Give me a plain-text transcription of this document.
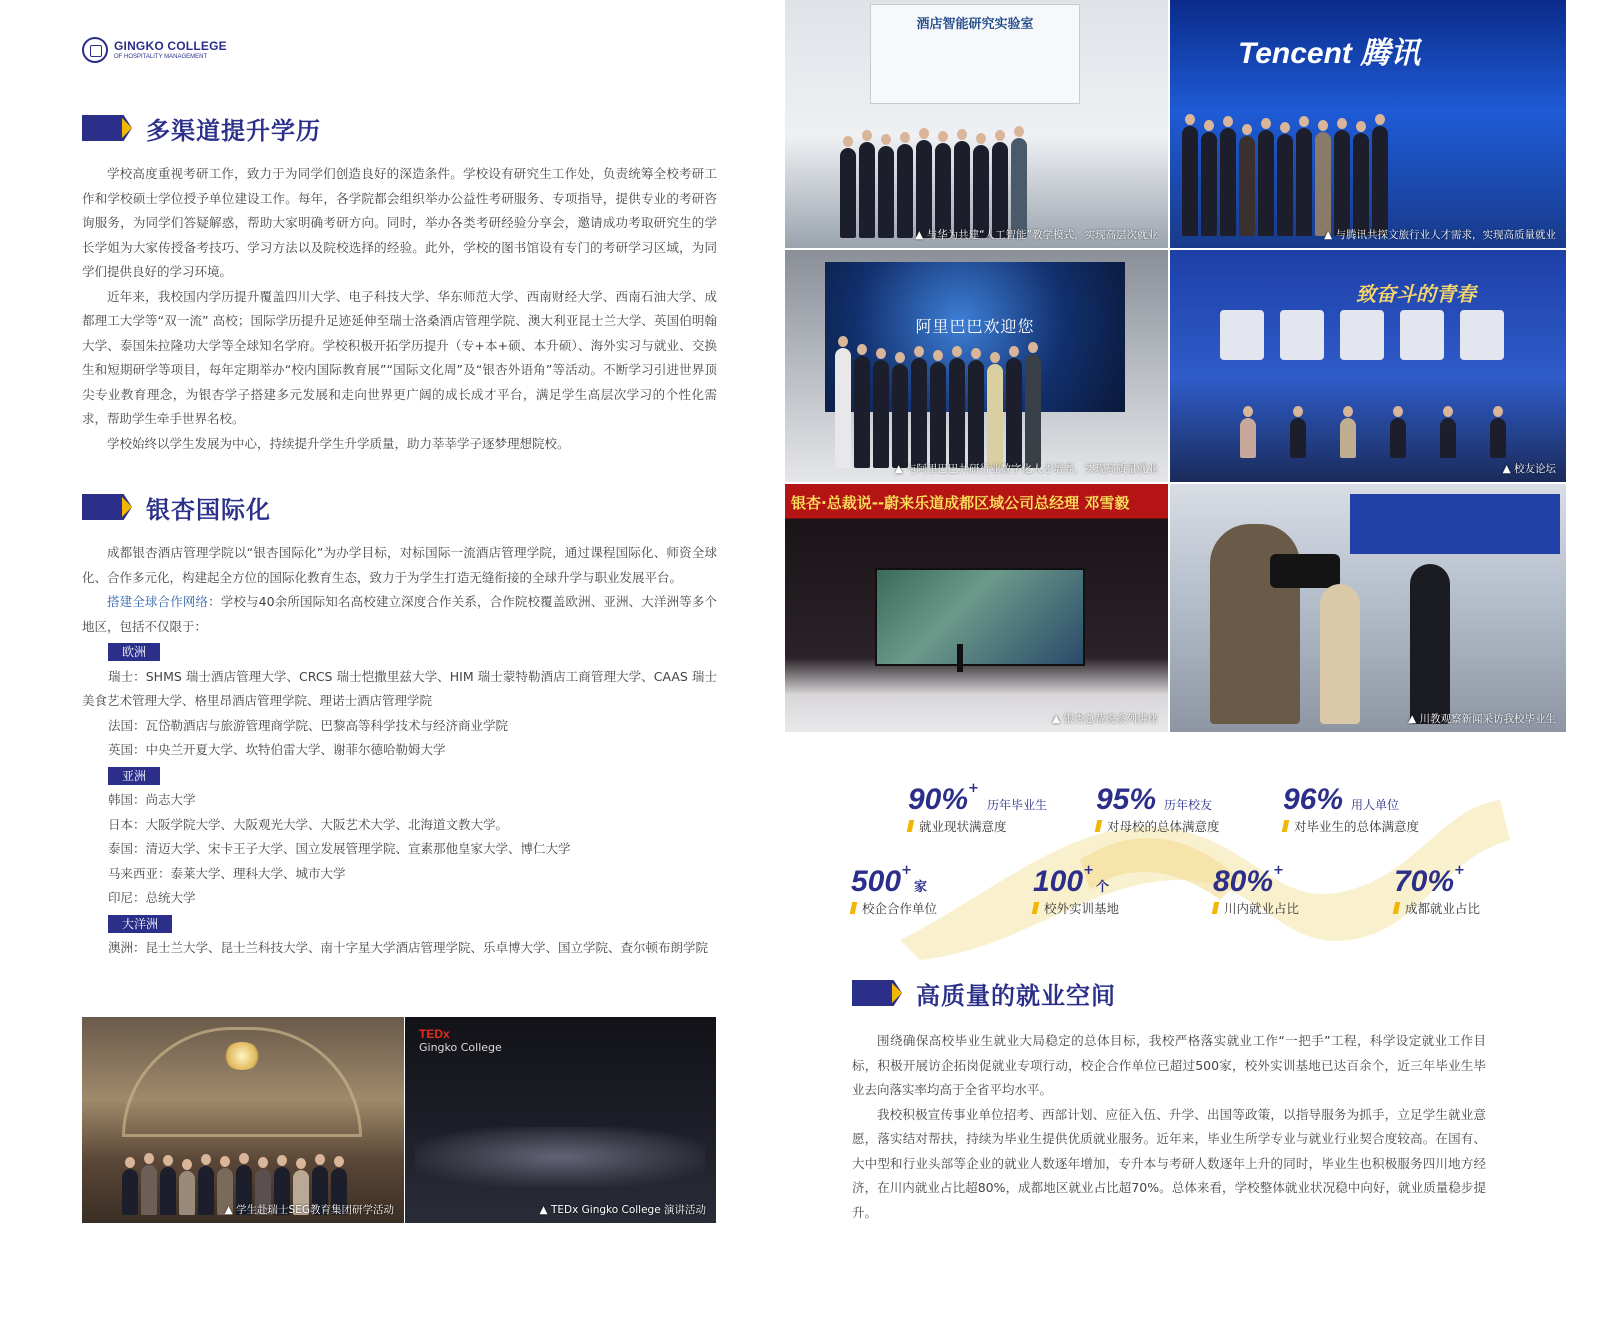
GINGKO COLLEGE
OF HOSPITALITY MANAGEMENT
多渠道提升学历

学校高度重视考研工作，致力于为同学们创造良好的深造条件。学校设有研究生工作处，负责统筹全校考研工作和学校硕士学位授予单位建设工作。每年，各学院都会组织举办公益性考研服务、专项指导，提供专业的考研咨询服务，为同学们答疑解惑，帮助大家明确考研方向。同时，举办各类考研经验分享会，邀请成功考取研究生的学长学姐为大家传授备考技巧、学习方法以及院校选择的经验。此外，学校的图书馆设有专门的考研学习区域，为同学们提供良好的学习环境。

近年来，我校国内学历提升覆盖四川大学、电子科技大学、华东师范大学、西南财经大学、西南石油大学、成都理工大学等“双一流” 高校；国际学历提升足迹延伸至瑞士洛桑酒店管理学院、澳大利亚昆士兰大学、英国伯明翰大学、泰国朱拉隆功大学等全球知名学府。学校积极开拓学历提升（专+本+硕、本升硕）、海外实习与就业、交换生和短期研学等项目，每年定期举办“校内国际教育展”“国际文化周”及“银杏外语角”等活动。不断学习引进世界顶尖专业教育理念，为银杏学子搭建多元发展和走向世界更广阔的成长成才平台，满足学生高层次学习的个性化需求，帮助学生牵手世界名校。

学校始终以学生发展为中心，持续提升学生升学质量，助力莘莘学子逐梦理想院校。

银杏国际化

成都银杏酒店管理学院以“银杏国际化”为办学目标，对标国际一流酒店管理学院，通过课程国际化、师资全球化、合作多元化，构建起全方位的国际化教育生态，致力于为学生打造无缝衔接的全球升学与职业发展平台。

搭建全球合作网络：学校与40余所国际知名高校建立深度合作关系，合作院校覆盖欧洲、亚洲、大洋洲等多个地区，包括不仅限于：

欧洲
瑞士：SHMS 瑞士酒店管理大学、CRCS 瑞士恺撒里兹大学、HIM 瑞士蒙特勒酒店工商管理大学、CAAS 瑞士美食艺术管理大学、格里昂酒店管理学院、理诺士酒店管理学院
法国：瓦岱勒酒店与旅游管理商学院、巴黎高等科学技术与经济商业学院
英国：中央兰开夏大学、坎特伯雷大学、谢菲尔德哈勒姆大学
亚洲
韩国：尚志大学
日本：大阪学院大学、大阪观光大学、大阪艺术大学、北海道文教大学。
泰国：清迈大学、宋卡王子大学、国立发展管理学院、宣素那他皇家大学、博仁大学
马来西亚：泰莱大学、理科大学、城市大学
印尼：总统大学
大洋洲
澳洲：昆士兰大学、昆士兰科技大学、南十字星大学酒店管理学院、乐卓博大学、国立学院、查尔顿布朗学院
▲ 学生赴瑞士SEG教育集团研学活动
TEDx
Gingko College
▲ TEDx Gingko College 演讲活动
酒店智能研究实验室
▲ 与华为共建“人工智能”教学模式，实现高层次就业
Tencent 腾讯
▲ 与腾讯共探文旅行业人才需求，实现高质量就业
阿里巴巴欢迎您
▲ 与阿里巴巴共研行业数字化人才培养，实现高质量就业
致奋斗的青春
▲ 校友论坛
银杏·总裁说--蔚来乐道成都区域公司总经理 邓雪毅
▲ 银杏总裁说系列讲座	▲ 川教观察新闻采访我校毕业生
90%+历年毕业生
就业现状满意度
95% 历年校友
对母校的总体满意度
96% 用人单位
对毕业生的总体满意度
500+家
校企合作单位
100+个
校外实训基地
80%+
川内就业占比
70%+
成都就业占比
高质量的就业空间

围绕确保高校毕业生就业大局稳定的总体目标，我校严格落实就业工作“一把手”工程，科学设定就业工作目标，积极开展访企拓岗促就业专项行动，校企合作单位已超过500家，校外实训基地已达百余个，近三年毕业生毕业去向落实率均高于全省平均水平。

我校积极宣传事业单位招考、西部计划、应征入伍、升学、出国等政策，以指导服务为抓手，立足学生就业意愿，落实结对帮扶，持续为毕业生提供优质就业服务。近年来，毕业生所学专业与就业行业契合度较高。在国有、大中型和行业头部等企业的就业人数逐年增加，专升本与考研人数逐年上升的同时，毕业生也积极服务四川地方经济，在川内就业占比超80%，成都地区就业占比超70%。总体来看，学校整体就业状况稳中向好，就业质量稳步提升。
